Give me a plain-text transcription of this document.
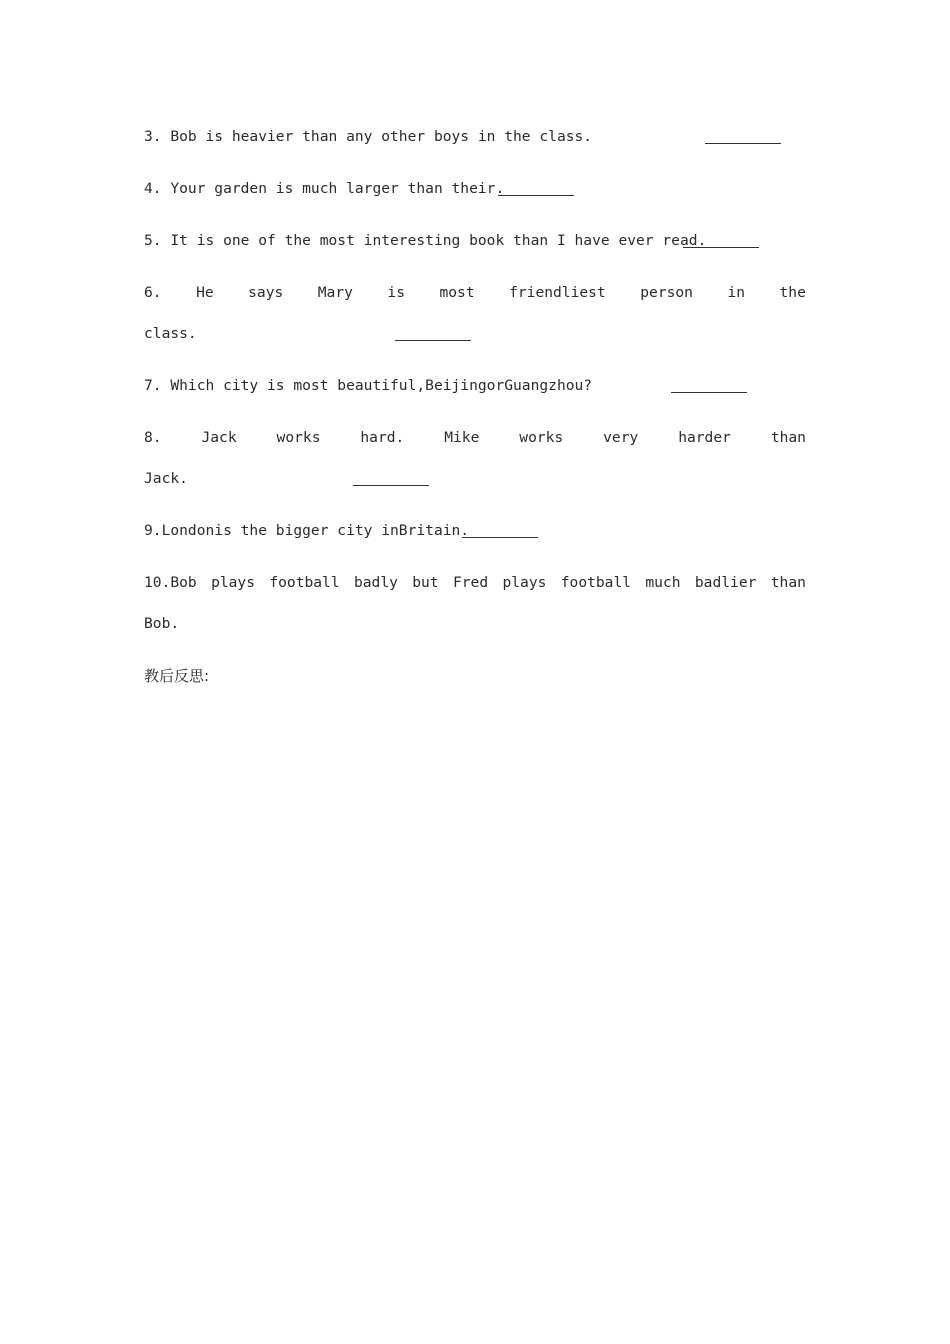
3. Bob is heavier than any other boys in the class.
4. Your garden is much larger than their.
5. It is one of the most interesting book than I have ever read.
6. He says Mary is most friendliest person in the
class.
7. Which city is most beautiful,BeijingorGuangzhou?
8.	Jack	works	hard.	Mike	works	very	harder	than
Jack.
9.Londonis the bigger city inBritain.
10.Bob plays football badly but Fred plays football much badlier than
Bob.
教后反思:
